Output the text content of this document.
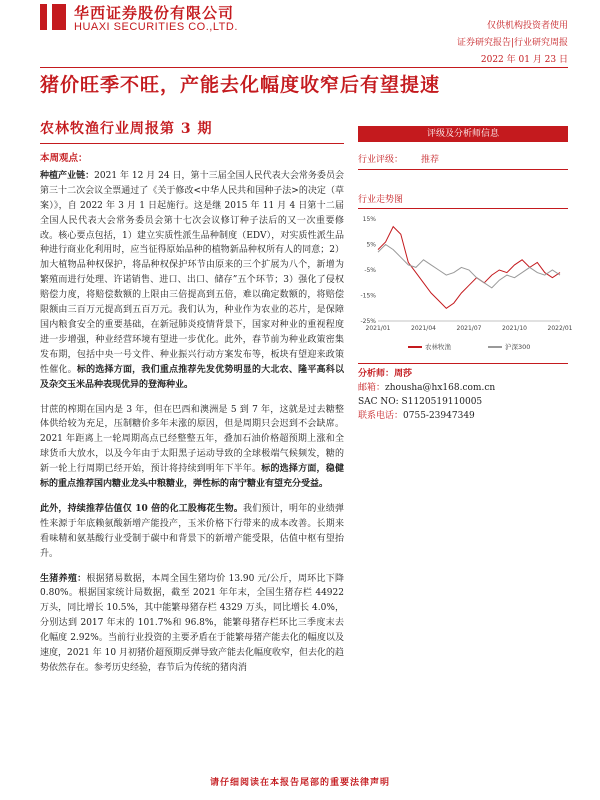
华西证券股份有限公司
HUAXI SECURITIES CO.,LTD.	仅供机构投资者使用
证券研究报告|行业研究周报
2022 年 01 月 23 日
猪价旺季不旺，产能去化幅度收窄后有望提速
农林牧渔行业周报第 3 期
本周观点：

种植产业链：2021 年 12 月 24 日，第十三届全国人民代表大会常务委员会第三十二次会议全票通过了《关于修改<中华人民共和国种子法>的决定（草案）》，自 2022 年 3 月 1 日起施行。这是继 2015 年 11 月 4 日第十二届全国人民代表大会常务委员会第十七次会议修订种子法后的又一次重要修改。核心要点包括，1）建立实质性派生品种制度（EDV），对实质性派生品种进行商业化利用时，应当征得原始品种的植物新品种权所有人的同意；2）加大植物品种权保护，将品种权保护环节由原来的三个扩展为八个，新增为繁殖而进行处理、许诺销售、进口、出口、储存”五个环节；3）强化了侵权赔偿力度，将赔偿数额的上限由三倍提高到五倍，难以确定数额的，将赔偿限额由三百万元提高到五百万元。我们认为，种业作为农业的芯片，是保障国内粮食安全的重要基础，在新冠肺炎疫情背景下，国家对种业的重视程度进一步增强，种业经营环境有望进一步优化。此外，春节前为种业政策密集发布期，包括中央一号文件、种业振兴行动方案发布等，板块有望迎来政策性催化。标的选择方面，我们重点推荐先发优势明显的大北农、隆平高科以及杂交玉米品种表现优异的登海种业。

甘蔗的榨期在国内是 3 年，但在巴西和澳洲是 5 到 7 年，这就是过去糖整体供给较为充足，压制糖价多年未涨的原因，但是周期只会迟到不会缺席。2021 年距离上一轮周期高点已经整整五年，叠加石油价格超预期上涨和全球货币大放水，以及今年由于太阳黑子运动导致的全球极端气候频发，糖的新一轮上行周期已经开始，预计将持续到明年下半年。标的选择方面，稳健标的重点推荐国内糖业龙头中粮糖业，弹性标的南宁糖业有望充分受益。

此外，持续推荐估值仅 10 倍的化工股梅花生物。我们预计，明年的业绩弹性来源于年底赖氨酸新增产能投产，玉米价格下行带来的成本改善。长期来看味精和氨基酸行业受制于碳中和背景下的新增产能受限，估值中枢有望抬升。

生猪养殖：根据猪易数据，本周全国生猪均价 13.90 元/公斤，周环比下降 0.80%。根据国家统计局数据，截至 2021 年年末，全国生猪存栏 44922 万头，同比增长 10.5%，其中能繁母猪存栏 4329 万头，同比增长 4.0%，分别达到 2017 年末的 101.7%和 96.8%，能繁母猪存栏环比三季度末去化幅度 2.92%。当前行业投资的主要矛盾在于能繁母猪产能去化的幅度以及速度，2021 年 10 月初猪价超预期反弹导致产能去化幅度收窄，但去化的趋势依然存在。参考历史经验，春节后为传统的猪肉消

评级及分析师信息
行业评级： 推荐
行业走势图
15%
5%
-5%
-15%
-25%
2021/01	2021/04	2021/07	2021/10	2022/01
农林牧渔	沪深300
分析师：周莎
邮箱：zhousha@hx168.com.cn
SAC NO: S1120519110005
联系电话：0755-23947349
请仔细阅读在本报告尾部的重要法律声明
